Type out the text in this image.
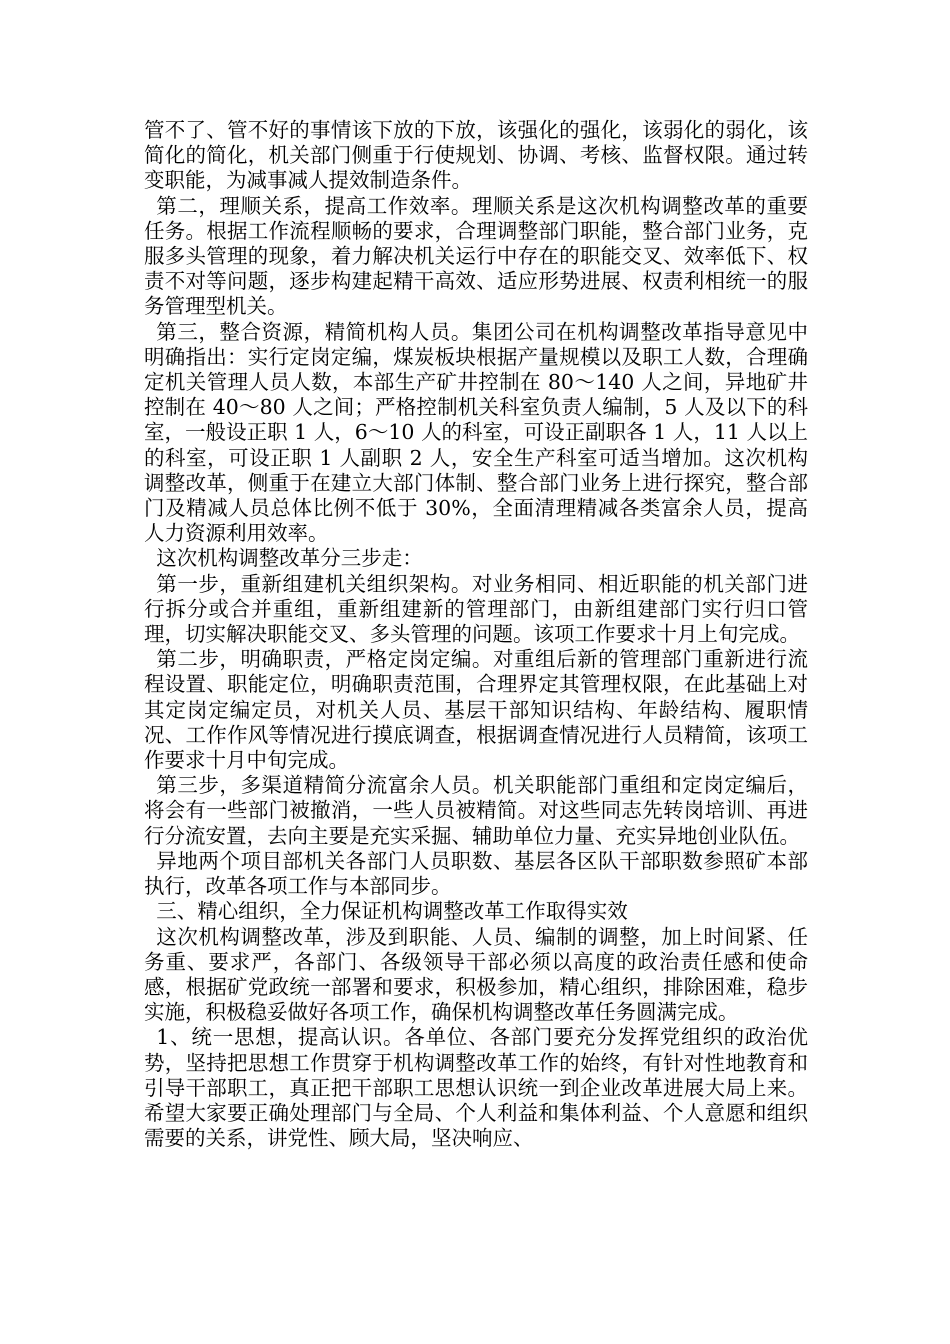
管不了、管不好的事情该下放的下放，该强化的强化，该弱化的弱化，该简化的简化，机关部门侧重于行使规划、协调、考核、监督权限。通过转变职能，为减事减人提效制造条件。

第二，理顺关系，提高工作效率。理顺关系是这次机构调整改革的重要任务。根据工作流程顺畅的要求，合理调整部门职能，整合部门业务，克服多头管理的现象，着力解决机关运行中存在的职能交叉、效率低下、权责不对等问题，逐步构建起精干高效、适应形势进展、权责利相统一的服务管理型机关。

第三，整合资源，精简机构人员。集团公司在机构调整改革指导意见中明确指出：实行定岗定编，煤炭板块根据产量规模以及职工人数，合理确定机关管理人员人数，本部生产矿井控制在 80～140 人之间，异地矿井控制在 40～80 人之间；严格控制机关科室负责人编制，5 人及以下的科室，一般设正职 1 人，6～10 人的科室，可设正副职各 1 人，11 人以上的科室，可设正职 1 人副职 2 人，安全生产科室可适当增加。这次机构调整改革，侧重于在建立大部门体制、整合部门业务上进行探究，整合部门及精减人员总体比例不低于 30%，全面清理精减各类富余人员，提高人力资源利用效率。

这次机构调整改革分三步走：

第一步，重新组建机关组织架构。对业务相同、相近职能的机关部门进行拆分或合并重组，重新组建新的管理部门，由新组建部门实行归口管理，切实解决职能交叉、多头管理的问题。该项工作要求十月上旬完成。

第二步，明确职责，严格定岗定编。对重组后新的管理部门重新进行流程设置、职能定位，明确职责范围，合理界定其管理权限，在此基础上对其定岗定编定员，对机关人员、基层干部知识结构、年龄结构、履职情况、工作作风等情况进行摸底调查，根据调查情况进行人员精简，该项工作要求十月中旬完成。

第三步，多渠道精简分流富余人员。机关职能部门重组和定岗定编后，将会有一些部门被撤消，一些人员被精简。对这些同志先转岗培训、再进行分流安置，去向主要是充实采掘、辅助单位力量、充实异地创业队伍。

异地两个项目部机关各部门人员职数、基层各区队干部职数参照矿本部执行，改革各项工作与本部同步。

三、精心组织，全力保证机构调整改革工作取得实效

这次机构调整改革，涉及到职能、人员、编制的调整，加上时间紧、任务重、要求严，各部门、各级领导干部必须以高度的政治责任感和使命感，根据矿党政统一部署和要求，积极参加，精心组织，排除困难，稳步实施，积极稳妥做好各项工作，确保机构调整改革任务圆满完成。

1、统一思想，提高认识。各单位、各部门要充分发挥党组织的政治优势，坚持把思想工作贯穿于机构调整改革工作的始终，有针对性地教育和引导干部职工，真正把干部职工思想认识统一到企业改革进展大局上来。希望大家要正确处理部门与全局、个人利益和集体利益、个人意愿和组织需要的关系，讲党性、顾大局，坚决响应、
